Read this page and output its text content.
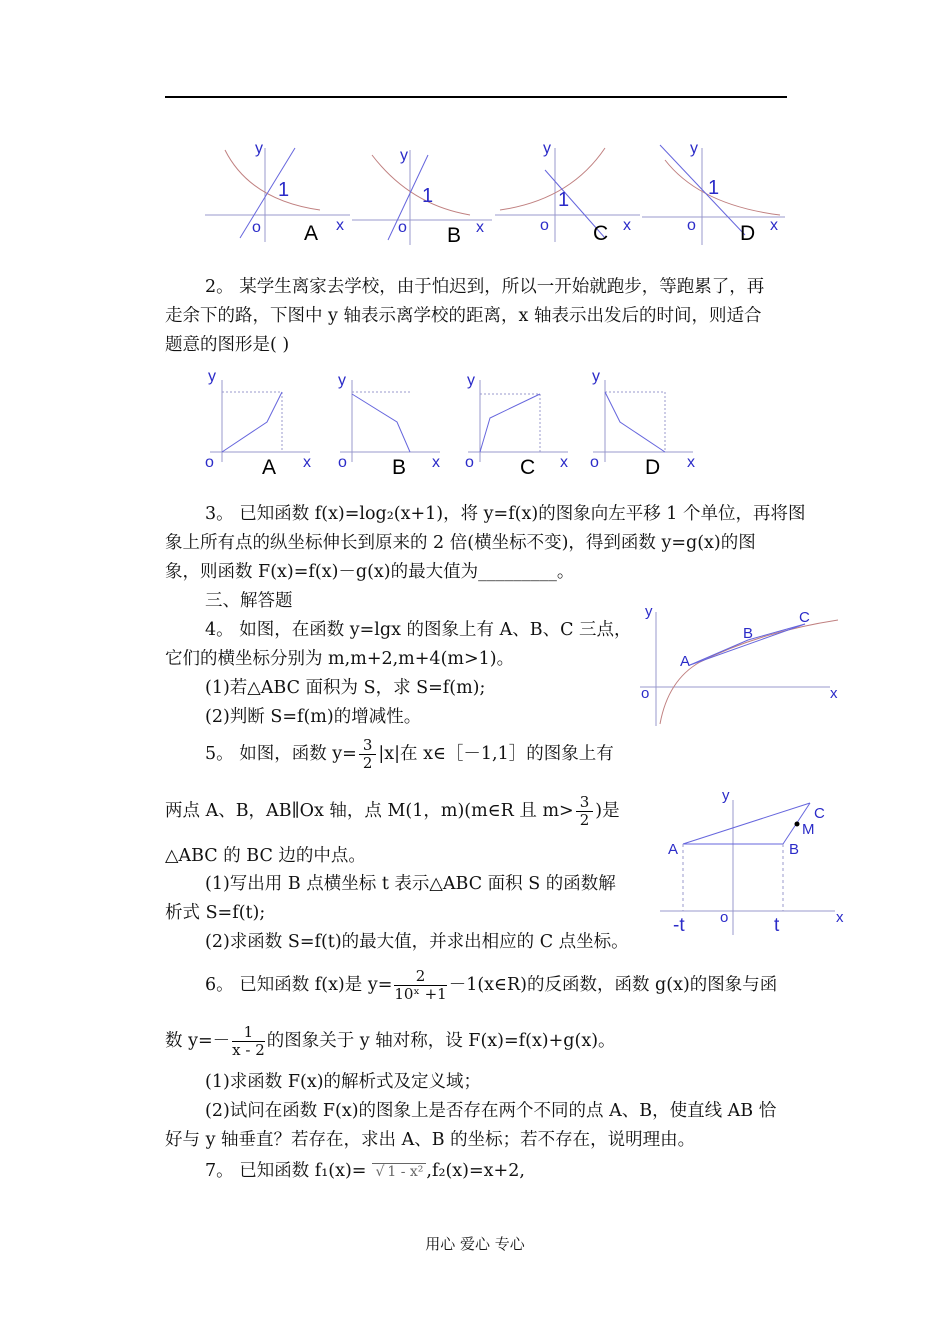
y
1
o	x
A
y
1
o	x
B
y
1
o	x
C
y
1
o	x
D
2。 某学生离家去学校，由于怕迟到，所以一开始就跑步，等跑累了，再
走余下的路，下图中 y 轴表示离学校的距离，x 轴表示出发后的时间，则适合
题意的图形是( )
y
o	x
A
y
o	x
B
y
o	x
C
y
o	x
D
3。 已知函数 f(x)=log₂(x+1)，将 y=f(x)的图象向左平移 1 个单位，再将图
象上所有点的纵坐标伸长到原来的 2 倍(横坐标不变)，得到函数 y=g(x)的图
象，则函数 F(x)=f(x)－g(x)的最大值为_________。
三、解答题
4。 如图，在函数 y=lgx 的图象上有 A、B、C 三点，
它们的横坐标分别为 m,m+2,m+4(m>1)。
(1)若△ABC 面积为 S，求 S=f(m);
(2)判断 S=f(m)的增减性。
y
o	x
A
B
C
5。 如图，函数 $y= \frac{3}{2} |x|$在 x∈［－1,1］的图象上有
两点 A、B，AB∥Ox 轴，点 M(1，m)(m∈R 且 $m> \frac{3}{2}$ )是
△ABC 的 BC 边的中点。
(1)写出用 B 点横坐标 t 表示△ABC 面积 S 的函数解
析式 S=f(t);
(2)求函数 S=f(t)的最大值，并求出相应的 C 点坐标。
y
o	x
A	B
C
M
-t	t
6。 已知函数 f(x)是 $y= \frac{2}{\text{10ˣ +1}}$ －1(x∈R)的反函数，函数 g(x)的图象与函
数 $y=- \frac{1}{x - 2}$ 的图象关于 y 轴对称，设 F(x)=f(x)+g(x)。
(1)求函数 F(x)的解析式及定义域；
(2)试问在函数 F(x)的图象上是否存在两个不同的点 A、B，使直线 AB 恰
好与 y 轴垂直？若存在，求出 A、B 的坐标；若不存在，说明理由。
7。 已知函数 f₁(x)= √ 1 - x² ,f₂(x)=x+2,
用心 爱心 专心
